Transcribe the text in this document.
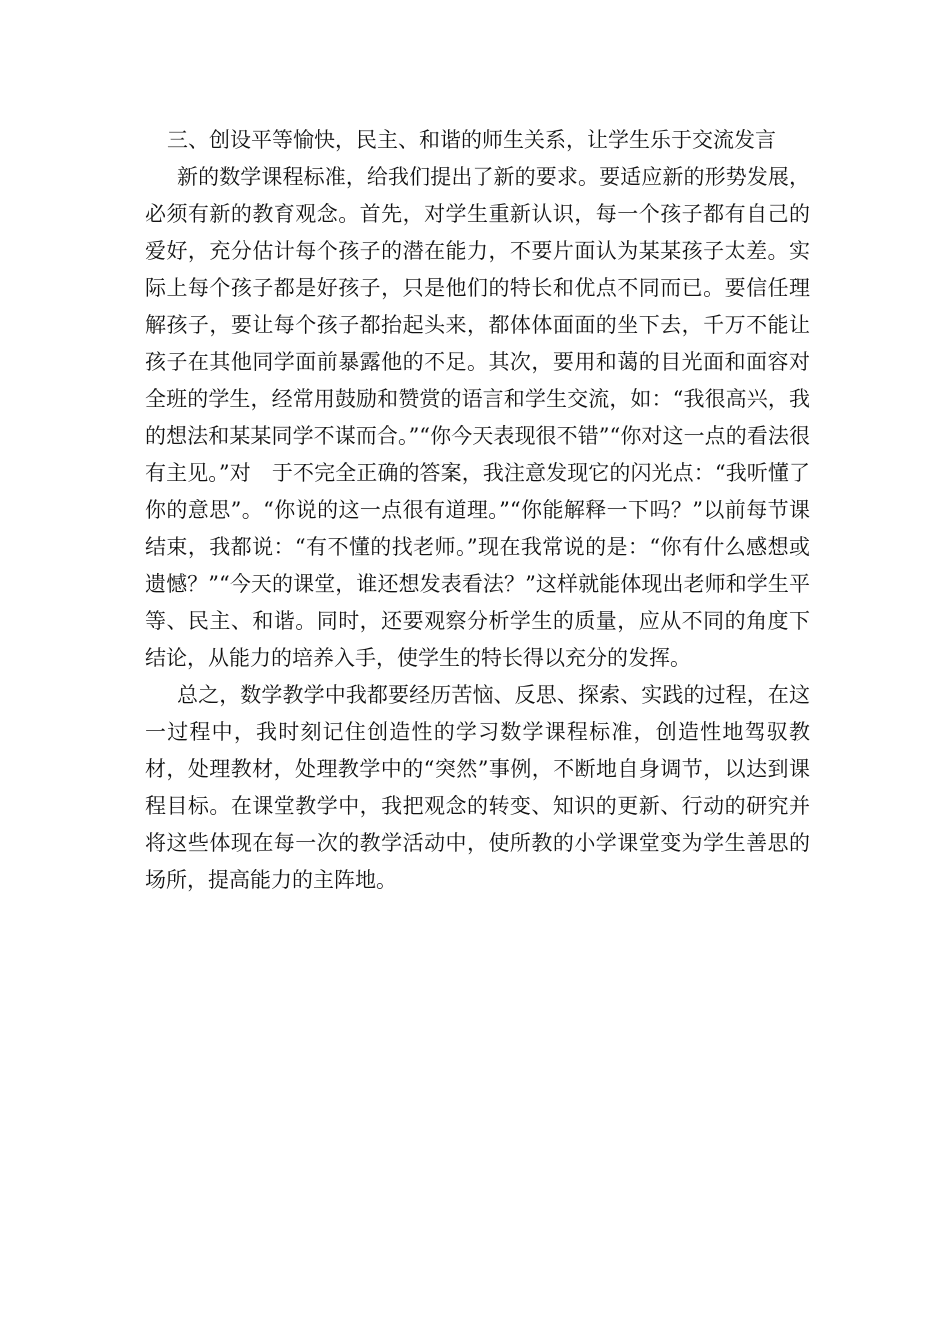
三、创设平等愉快，民主、和谐的师生关系，让学生乐于交流发言

新的数学课程标准，给我们提出了新的要求。要适应新的形势发展，必须有新的教育观念。首先，对学生重新认识，每一个孩子都有自己的爱好，充分估计每个孩子的潜在能力，不要片面认为某某孩子太差。实际上每个孩子都是好孩子，只是他们的特长和优点不同而已。要信任理解孩子，要让每个孩子都抬起头来，都体体面面的坐下去，千万不能让孩子在其他同学面前暴露他的不足。其次，要用和蔼的目光面和面容对全班的学生，经常用鼓励和赞赏的语言和学生交流，如：“我很高兴，我的想法和某某同学不谋而合。”“你今天表现很不错”“你对这一点的看法很有主见。”对　于不完全正确的答案，我注意发现它的闪光点：“我听懂了你的意思”。“你说的这一点很有道理。”“你能解释一下吗？”以前每节课结束，我都说：“有不懂的找老师。”现在我常说的是：“你有什么感想或遗憾？”“今天的课堂，谁还想发表看法？”这样就能体现出老师和学生平等、民主、和谐。同时，还要观察分析学生的质量，应从不同的角度下结论，从能力的培养入手，使学生的特长得以充分的发挥。

总之，数学教学中我都要经历苦恼、反思、探索、实践的过程，在这一过程中，我时刻记住创造性的学习数学课程标准，创造性地驾驭教材，处理教材，处理教学中的“突然”事例，不断地自身调节，以达到课程目标。在课堂教学中，我把观念的转变、知识的更新、行动的研究并将这些体现在每一次的教学活动中，使所教的小学课堂变为学生善思的场所，提高能力的主阵地。
